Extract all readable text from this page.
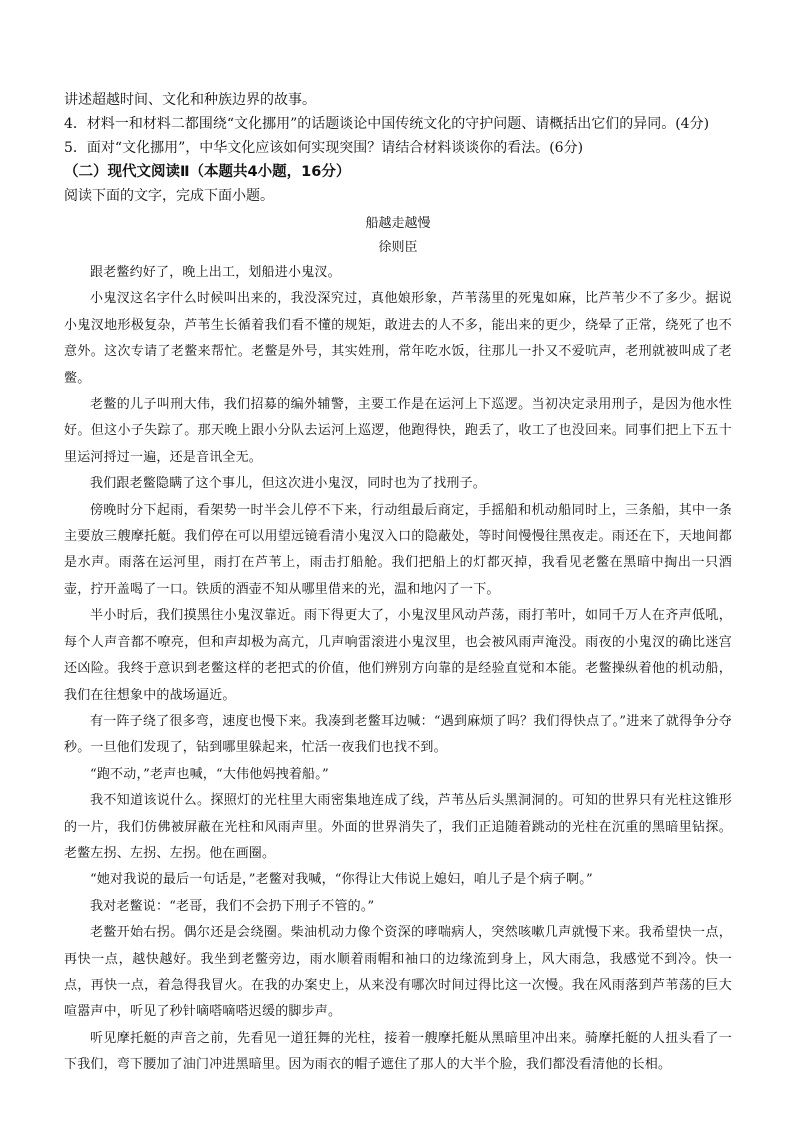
讲述超越时间、文化和种族边界的故事。

4．材料一和材料二都围绕“文化挪用”的话题谈论中国传统文化的守护问题、请概括出它们的异同。(4分)

5．面对“文化挪用”，中华文化应该如何实现突围？请结合材料谈谈你的看法。(6分)

（二）现代文阅读Ⅱ（本题共4小题，16分）

阅读下面的文字，完成下面小题。

船越走越慢

徐则臣

跟老鳖约好了，晚上出工，划船进小鬼汊。

小鬼汊这名字什么时候叫出来的，我没深究过，真他娘形象，芦苇荡里的死鬼如麻，比芦苇少不了多少。据说小鬼汊地形极复杂，芦苇生长循着我们看不懂的规矩，敢进去的人不多，能出来的更少，绕晕了正常，绕死了也不意外。这次专请了老鳖来帮忙。老鳖是外号，其实姓刑，常年吃水饭，往那儿一扑又不爱吭声，老刑就被叫成了老鳖。

老鳖的儿子叫刑大伟，我们招募的编外辅警，主要工作是在运河上下巡逻。当初决定录用刑子，是因为他水性好。但这小子失踪了。那天晚上跟小分队去运河上巡逻，他跑得快，跑丢了，收工了也没回来。同事们把上下五十里运河捋过一遍，还是音讯全无。

我们跟老鳖隐瞒了这个事儿，但这次进小鬼汊，同时也为了找刑子。

傍晚时分下起雨，看架势一时半会儿停不下来，行动组最后商定，手摇船和机动船同时上，三条船，其中一条主要放三艘摩托艇。我们停在可以用望远镜看清小鬼汊入口的隐蔽处，等时间慢慢往黑夜走。雨还在下，天地间都是水声。雨落在运河里，雨打在芦苇上，雨击打船舱。我们把船上的灯都灭掉，我看见老鳖在黑暗中掏出一只酒壶，拧开盖喝了一口。铁质的酒壶不知从哪里借来的光，温和地闪了一下。

半小时后，我们摸黑往小鬼汊靠近。雨下得更大了，小鬼汊里风动芦荡，雨打苇叶，如同千万人在齐声低吼，每个人声音都不嘹亮，但和声却极为高亢，几声响雷滚进小鬼汊里，也会被风雨声淹没。雨夜的小鬼汊的确比迷宫还凶险。我终于意识到老鳖这样的老把式的价值，他们辨别方向靠的是经验直觉和本能。老鳖操纵着他的机动船，我们在往想象中的战场逼近。

有一阵子绕了很多弯，速度也慢下来。我凑到老鳖耳边喊：“遇到麻烦了吗？我们得快点了。”进来了就得争分夺秒。一旦他们发现了，钻到哪里躲起来，忙活一夜我们也找不到。

“跑不动，”老声也喊，“大伟他妈拽着船。”

我不知道该说什么。探照灯的光柱里大雨密集地连成了线，芦苇丛后头黑洞洞的。可知的世界只有光柱这锥形的一片，我们仿佛被屏蔽在光柱和风雨声里。外面的世界消失了，我们正追随着跳动的光柱在沉重的黑暗里钻探。老鳖左拐、左拐、左拐。他在画圈。

“她对我说的最后一句话是，”老鳖对我喊，“你得让大伟说上媳妇，咱儿子是个病子啊。”

我对老鳖说：“老哥，我们不会扔下刑子不管的。”

老鳖开始右拐。偶尔还是会绕圈。柴油机动力像个资深的哮喘病人，突然咳嗽几声就慢下来。我希望快一点，再快一点，越快越好。我坐到老鳖旁边，雨水顺着雨帽和袖口的边缘流到身上，风大雨急，我感觉不到冷。快一点，再快一点，着急得我冒火。在我的办案史上，从来没有哪次时间过得比这一次慢。我在风雨落到芦苇荡的巨大喧嚣声中，听见了秒针嘀嗒嘀嗒迟缓的脚步声。

听见摩托艇的声音之前，先看见一道狂舞的光柱，接着一艘摩托艇从黑暗里冲出来。骑摩托艇的人扭头看了一下我们，弯下腰加了油门冲进黑暗里。因为雨衣的帽子遮住了那人的大半个脸，我们都没看清他的长相。
